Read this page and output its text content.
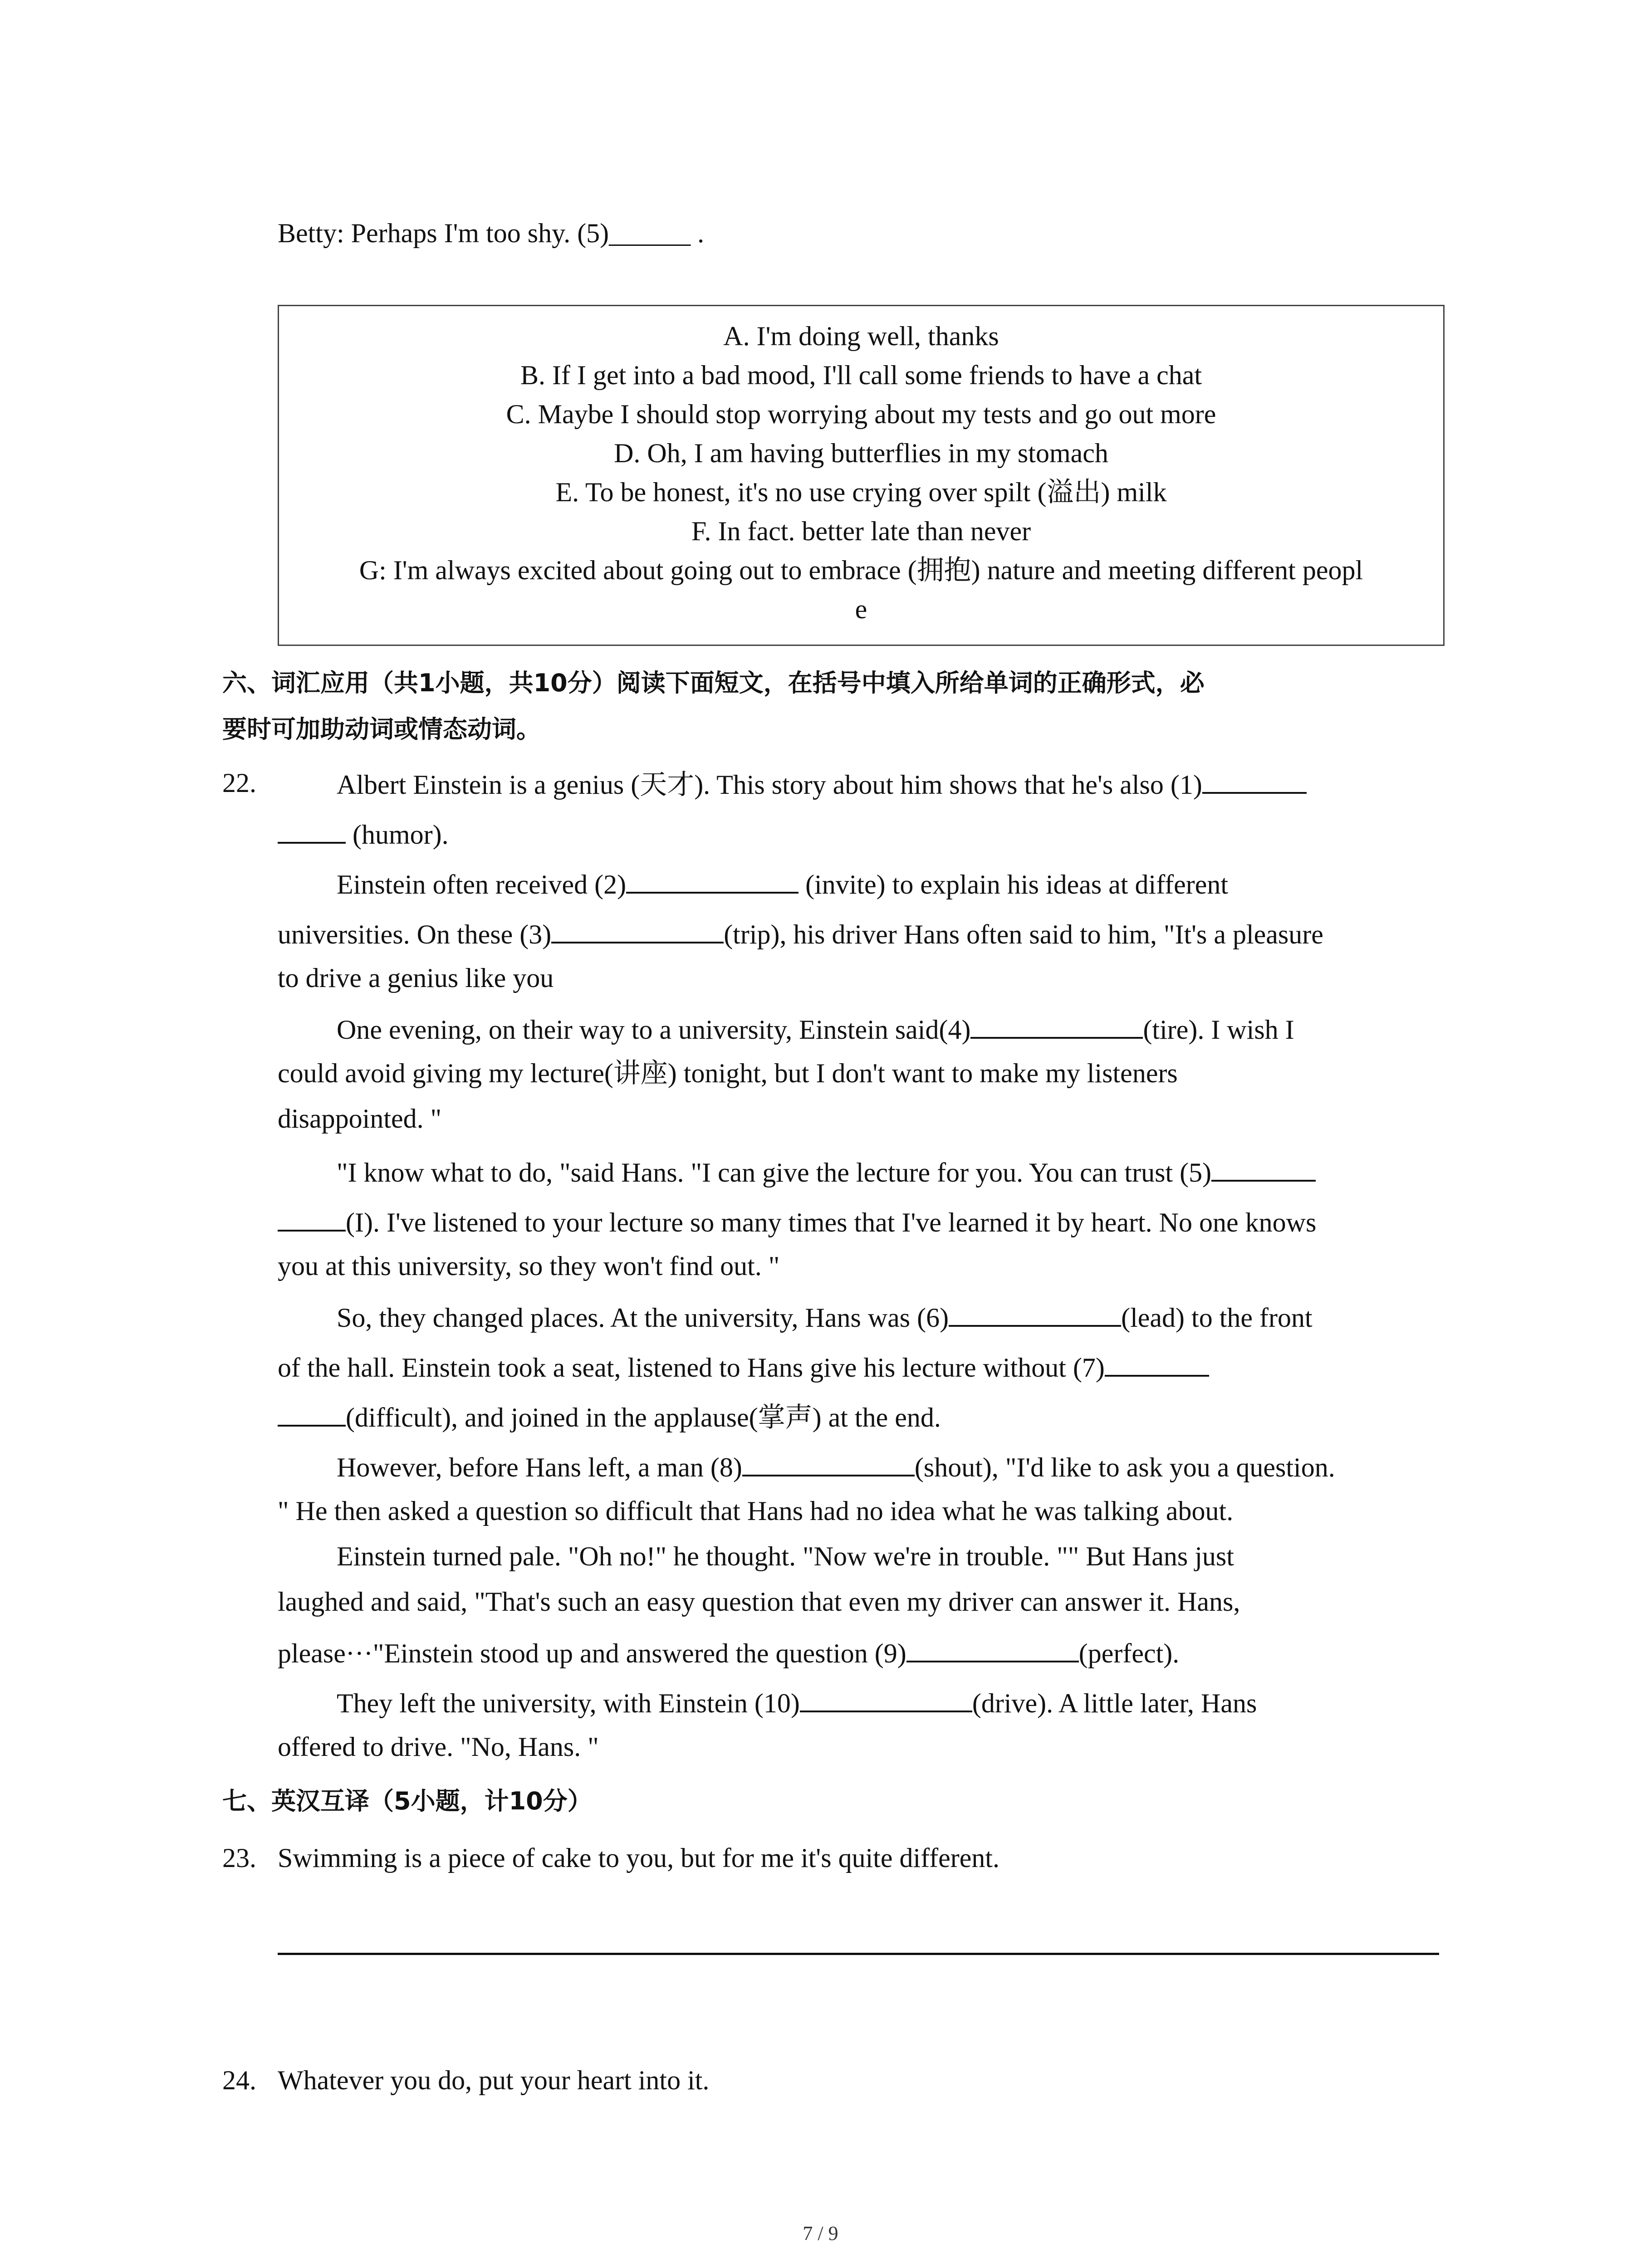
Betty: Perhaps I'm too shy. (5)______ .
A. I'm doing well, thanks
B. If I get into a bad mood, I'll call some friends to have a chat
C. Maybe I should stop worrying about my tests and go out more
D. Oh, I am having butterflies in my stomach
E. To be honest, it's no use crying over spilt (溢出) milk
F. In fact. better late than never
G: I'm always excited about going out to embrace (拥抱) nature and meeting different peopl
e
六、词汇应用（共1小题，共10分）阅读下面短文，在括号中填入所给单词的正确形式，必
要时可加助动词或情态动词。
22.	Albert Einstein is a genius (天才). This story about him shows that he's also (1)
(humor).
Einstein often received (2)	(invite) to explain his ideas at different
universities. On these (3)	(trip), his driver Hans often said to him, "It's a pleasure
to drive a genius like you
One evening, on their way to a university, Einstein said(4)	(tire). I wish I
could avoid giving my lecture(讲座) tonight, but I don't want to make my listeners
disappointed. "
"I know what to do, "said Hans. "I can give the lecture for you. You can trust (5)
(I). I've listened to your lecture so many times that I've learned it by heart. No one knows
you at this university, so they won't find out. "
So, they changed places. At the university, Hans was (6)	(lead) to the front
of the hall. Einstein took a seat, listened to Hans give his lecture without (7)
(difficult), and joined in the applause(掌声) at the end.
However, before Hans left, a man (8)	(shout), "I'd like to ask you a question.
" He then asked a question so difficult that Hans had no idea what he was talking about.
Einstein turned pale. "Oh no!" he thought. "Now we're in trouble. "" But Hans just
laughed and said, "That's such an easy question that even my driver can answer it. Hans,
please···"Einstein stood up and answered the question (9)	(perfect).
They left the university, with Einstein (10)	(drive). A little later, Hans
offered to drive. "No, Hans. "
七、英汉互译（5小题，计10分）
23. Swimming is a piece of cake to you, but for me it's quite different.
24. Whatever you do, put your heart into it.
7 / 9
